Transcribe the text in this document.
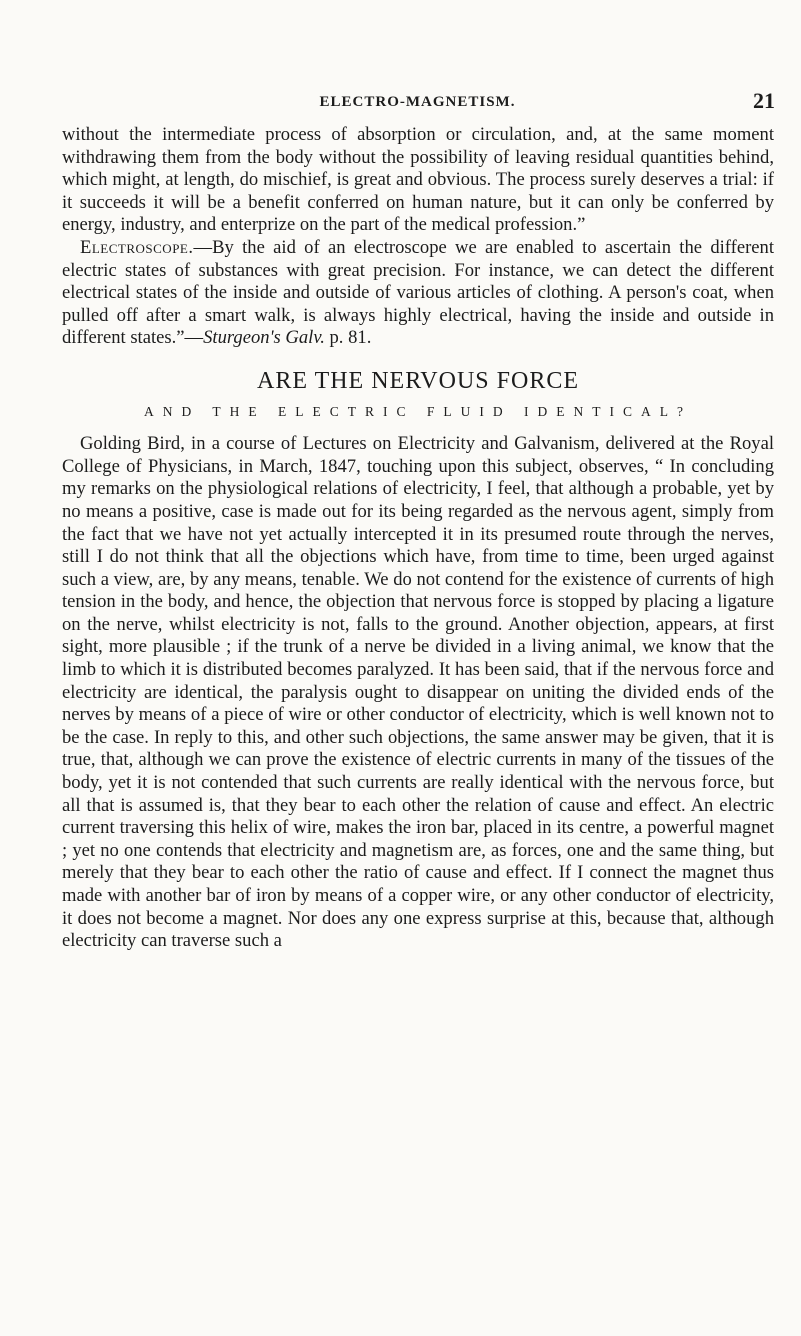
ELECTRO-MAGNETISM.	21

without the intermediate process of absorption or circulation, and, at the same moment withdrawing them from the body without the possibility of leaving residual quantities behind, which might, at length, do mischief, is great and obvious. The process surely deserves a trial: if it succeeds it will be a benefit conferred on human nature, but it can only be conferred by energy, industry, and enterprize on the part of the medical profession.”

Electroscope.—By the aid of an electroscope we are enabled to ascertain the different electric states of substances with great precision. For instance, we can detect the different electrical states of the inside and outside of various articles of clothing. A person's coat, when pulled off after a smart walk, is always highly electrical, having the inside and outside in different states.”—Sturgeon's Galv. p. 81.

ARE THE NERVOUS FORCE
AND THE ELECTRIC FLUID IDENTICAL?

Golding Bird, in a course of Lectures on Electricity and Galvanism, delivered at the Royal College of Physicians, in March, 1847, touching upon this subject, observes, “ In concluding my remarks on the physiological relations of electricity, I feel, that although a probable, yet by no means a positive, case is made out for its being regarded as the nervous agent, simply from the fact that we have not yet actually intercepted it in its presumed route through the nerves, still I do not think that all the objections which have, from time to time, been urged against such a view, are, by any means, tenable. We do not contend for the existence of currents of high tension in the body, and hence, the objection that nervous force is stopped by placing a ligature on the nerve, whilst electricity is not, falls to the ground. Another objection, appears, at first sight, more plausible ; if the trunk of a nerve be divided in a living animal, we know that the limb to which it is distributed becomes paralyzed. It has been said, that if the nervous force and electricity are identical, the paralysis ought to disappear on uniting the divided ends of the nerves by means of a piece of wire or other conductor of electricity, which is well known not to be the case. In reply to this, and other such objections, the same answer may be given, that it is true, that, although we can prove the existence of electric currents in many of the tissues of the body, yet it is not contended that such currents are really identical with the nervous force, but all that is assumed is, that they bear to each other the relation of cause and effect. An electric current traversing this helix of wire, makes the iron bar, placed in its centre, a powerful magnet ; yet no one contends that electricity and magnetism are, as forces, one and the same thing, but merely that they bear to each other the ratio of cause and effect. If I connect the magnet thus made with another bar of iron by means of a copper wire, or any other conductor of electricity, it does not become a magnet. Nor does any one express surprise at this, because that, although electricity can traverse such a
